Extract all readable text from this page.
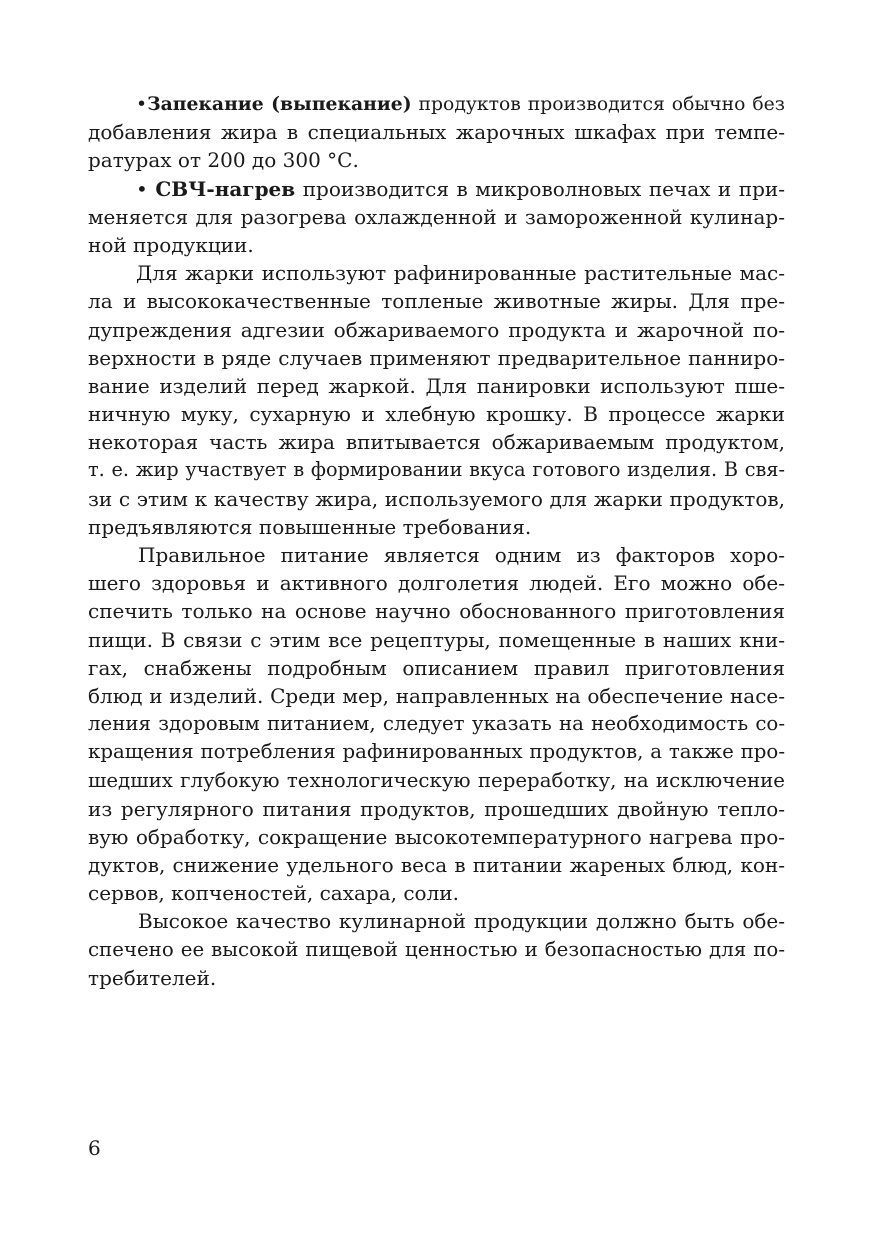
•Запекание (выпекание) продуктов производится обычно без
добавления жира в специальных жарочных шкафах при темпе-
ратурах от 200 до 300 °С.
• СВЧ-нагрев производится в микроволновых печах и при-
меняется для разогрева охлажденной и замороженной кулинар-
ной продукции.
Для жарки используют рафинированные растительные мас-
ла и высококачественные топленые животные жиры. Для пре-
дупреждения адгезии обжариваемого продукта и жарочной по-
верхности в ряде случаев применяют предварительное панниро-
вание изделий перед жаркой. Для панировки используют пше-
ничную муку, сухарную и хлебную крошку. В процессе жарки
некоторая часть жира впитывается обжариваемым продуктом,
т. е. жир участвует в формировании вкуса готового изделия. В свя-
зи с этим к качеству жира, используемого для жарки продуктов,
предъявляются повышенные требования.
Правильное питание является одним из факторов хоро-
шего здоровья и активного долголетия людей. Его можно обе-
спечить только на основе научно обоснованного приготовления
пищи. В связи с этим все рецептуры, помещенные в наших кни-
гах, снабжены подробным описанием правил приготовления
блюд и изделий. Среди мер, направленных на обеспечение насе-
ления здоровым питанием, следует указать на необходимость со-
кращения потребления рафинированных продуктов, а также про-
шедших глубокую технологическую переработку, на исключение
из регулярного питания продуктов, прошедших двойную тепло-
вую обработку, сокращение высокотемпературного нагрева про-
дуктов, снижение удельного веса в питании жареных блюд, кон-
сервов, копченостей, сахара, соли.
Высокое качество кулинарной продукции должно быть обе-
спечено ее высокой пищевой ценностью и безопасностью для по-
требителей.
6
